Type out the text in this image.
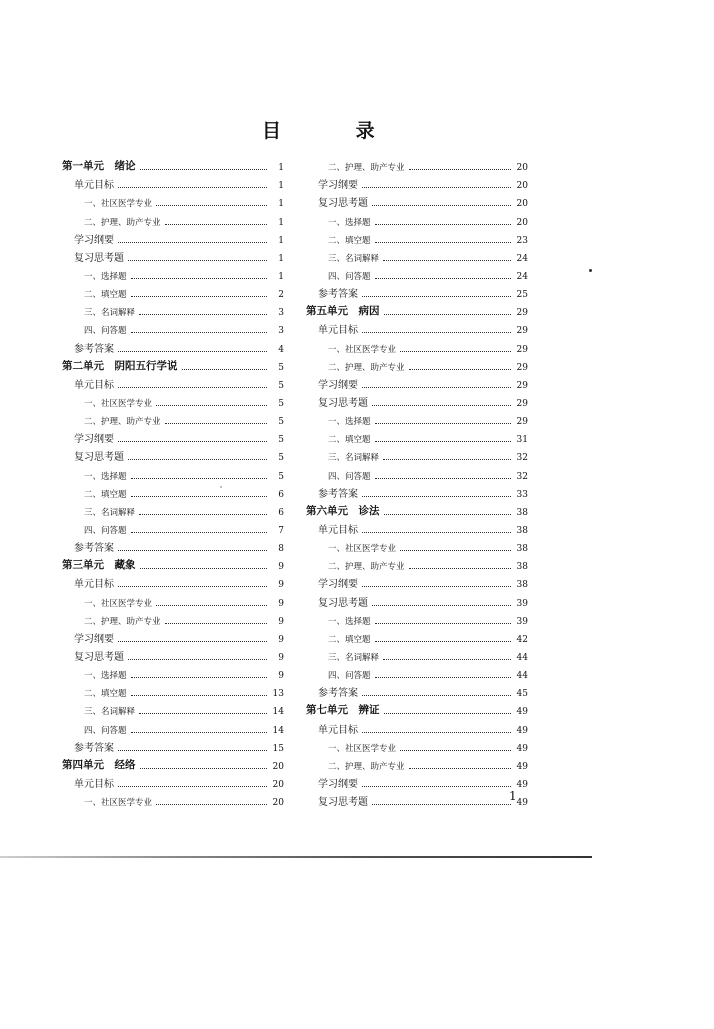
目 录
第一单元　绪论	1
单元目标	1
一、社区医学专业	1
二、护理、助产专业	1
学习纲要	1
复习思考题	1
一、选择题	1
二、填空题	2
三、名词解释	3
四、问答题	3
参考答案	4
第二单元　阴阳五行学说	5
单元目标	5
一、社区医学专业	5
二、护理、助产专业	5
学习纲要	5
复习思考题	5
一、选择题	5
二、填空题	6
三、名词解释	6
四、问答题	7
参考答案	8
第三单元　藏象	9
单元目标	9
一、社区医学专业	9
二、护理、助产专业	9
学习纲要	9
复习思考题	9
一、选择题	9
二、填空题	13
三、名词解释	14
四、问答题	14
参考答案	15
第四单元　经络	20
单元目标	20
一、社区医学专业	20
二、护理、助产专业	20
学习纲要	20
复习思考题	20
一、选择题	20
二、填空题	23
三、名词解释	24
四、问答题	24
参考答案	25
第五单元　病因	29
单元目标	29
一、社区医学专业	29
二、护理、助产专业	29
学习纲要	29
复习思考题	29
一、选择题	29
二、填空题	31
三、名词解释	32
四、问答题	32
参考答案	33
第六单元　诊法	38
单元目标	38
一、社区医学专业	38
二、护理、助产专业	38
学习纲要	38
复习思考题	39
一、选择题	39
二、填空题	42
三、名词解释	44
四、问答题	44
参考答案	45
第七单元　辨证	49
单元目标	49
一、社区医学专业	49
二、护理、助产专业	49
学习纲要	49
复习思考题	49
1
